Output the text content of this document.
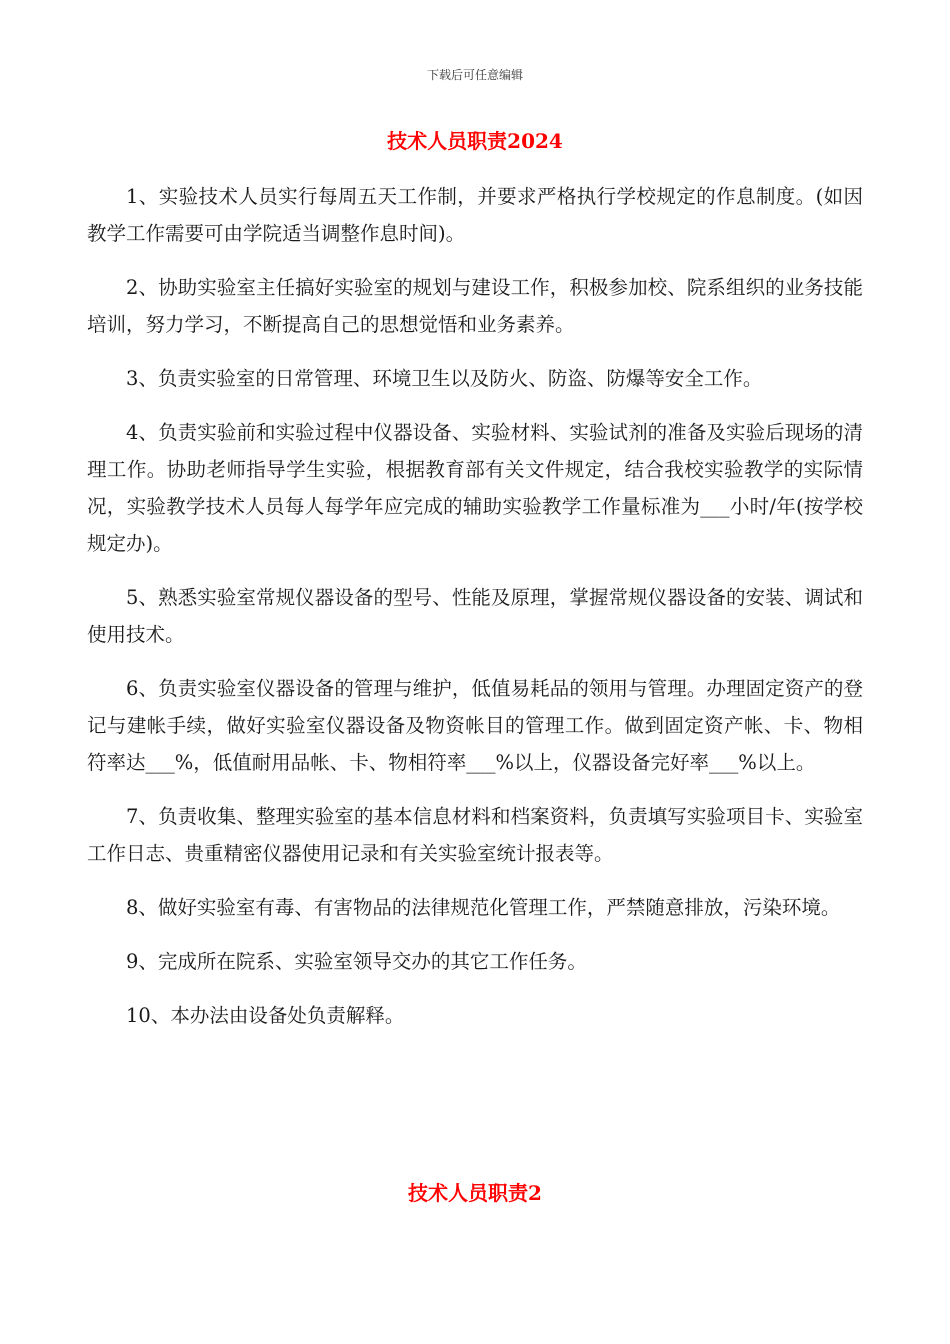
下载后可任意编辑
技术人员职责2024

1、实验技术人员实行每周五天工作制，并要求严格执行学校规定的作息制度。(如因教学工作需要可由学院适当调整作息时间)。

2、协助实验室主任搞好实验室的规划与建设工作，积极参加校、院系组织的业务技能培训，努力学习，不断提高自己的思想觉悟和业务素养。

3、负责实验室的日常管理、环境卫生以及防火、防盗、防爆等安全工作。

4、负责实验前和实验过程中仪器设备、实验材料、实验试剂的准备及实验后现场的清理工作。协助老师指导学生实验，根据教育部有关文件规定，结合我校实验教学的实际情况，实验教学技术人员每人每学年应完成的辅助实验教学工作量标准为___小时/年(按学校规定办)。

5、熟悉实验室常规仪器设备的型号、性能及原理，掌握常规仪器设备的安装、调试和使用技术。

6、负责实验室仪器设备的管理与维护，低值易耗品的领用与管理。办理固定资产的登记与建帐手续，做好实验室仪器设备及物资帐目的管理工作。做到固定资产帐、卡、物相符率达___%，低值耐用品帐、卡、物相符率___%以上，仪器设备完好率___%以上。

7、负责收集、整理实验室的基本信息材料和档案资料，负责填写实验项目卡、实验室工作日志、贵重精密仪器使用记录和有关实验室统计报表等。

8、做好实验室有毒、有害物品的法律规范化管理工作，严禁随意排放，污染环境。

9、完成所在院系、实验室领导交办的其它工作任务。

10、本办法由设备处负责解释。

技术人员职责2
